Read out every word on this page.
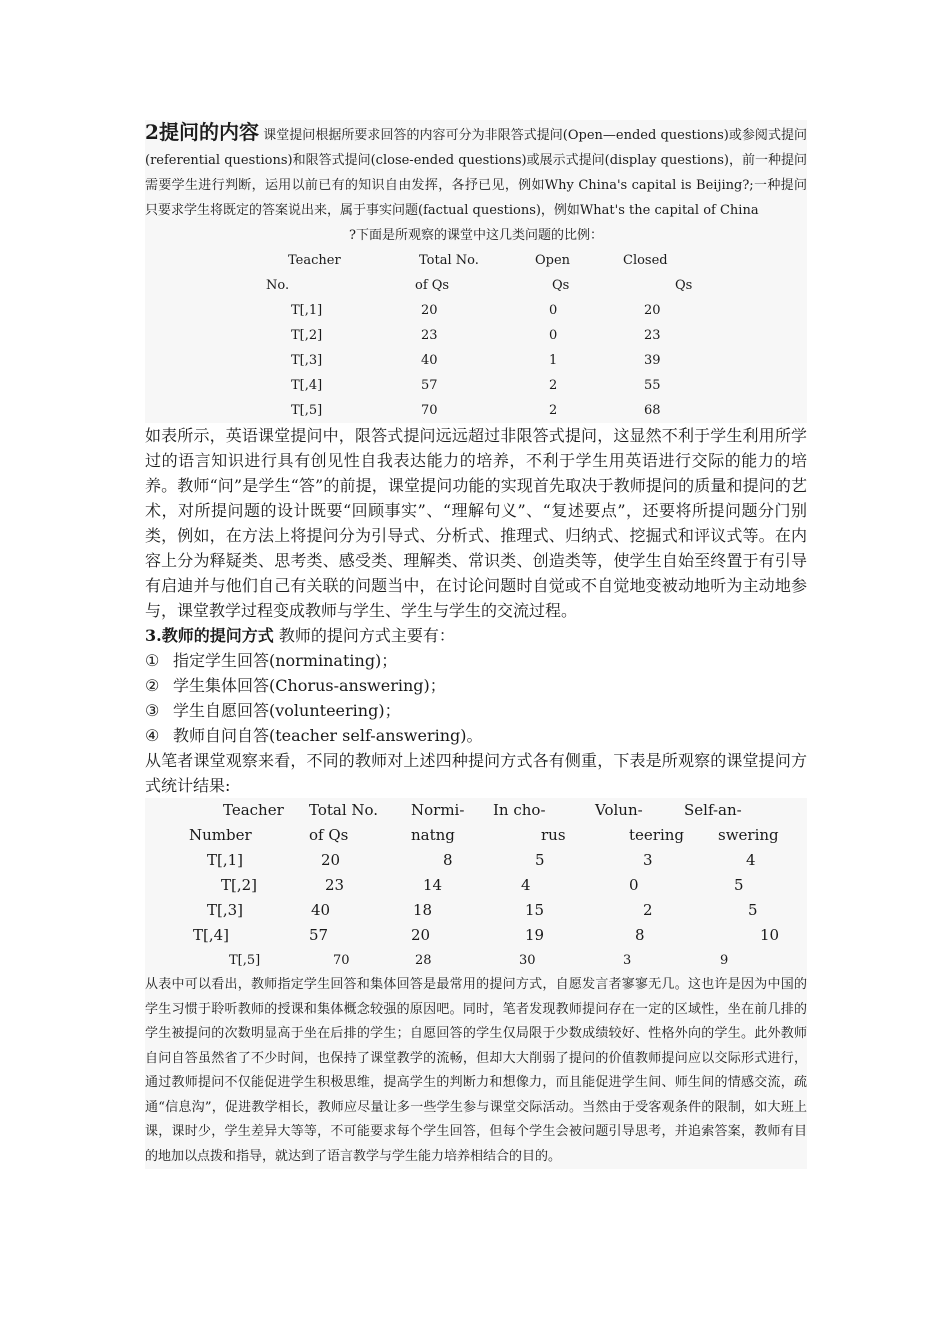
2提问的内容 课堂提问根据所要求回答的内容可分为非限答式提问(Open—ended questions)或参阅式提问(referential questions)和限答式提问(close-ended questions)或展示式提问(display questions)，前一种提问需要学生进行判断，运用以前已有的知识自由发挥，各抒已见，例如Why China's capital is Beijing?;一种提问只要求学生将既定的答案说出来，属于事实问题(factual questions)，例如What's the capital of China
?下面是所观察的课堂中这几类问题的比例：
Teacher	Total No.	Open	Closed
No.	of Qs	Qs	Qs
T[,1]	20	0	20
T[,2]	23	0	23
T[,3]	40	1	39
T[,4]	57	2	55
T[,5]	70	2	68

如表所示，英语课堂提问中，限答式提问远远超过非限答式提问，这显然不利于学生利用所学过的语言知识进行具有创见性自我表达能力的培养，不利于学生用英语进行交际的能力的培养。教师“问”是学生“答”的前提，课堂提问功能的实现首先取决于教师提问的质量和提问的艺术，对所提问题的设计既要“回顾事实”、“理解句义”、“复述要点”，还要将所提问题分门别类，例如，在方法上将提问分为引导式、分析式、推理式、归纳式、挖掘式和评议式等。在内容上分为释疑类、思考类、感受类、理解类、常识类、创造类等，使学生自始至终置于有引导有启迪并与他们自己有关联的问题当中，在讨论问题时自觉或不自觉地变被动地听为主动地参与，课堂教学过程变成教师与学生、学生与学生的交流过程。

3.教师的提问方式 教师的提问方式主要有：

① 指定学生回答(norminating)；
② 学生集体回答(Chorus-answering)；
③ 学生自愿回答(volunteering)；
④ 教师自问自答(teacher self-answering)。

从笔者课堂观察来看，不同的教师对上述四种提问方式各有侧重，下表是所观察的课堂提问方式统计结果:

Teacher	Total No.	Normi-	In cho-	Volun-	Self-an-
Number	of Qs	natng	rus	teering	swering
T[,1]	20	8	5	3	4
T[,2]	23	14	4	0	5
T[,3]	40	18	15	2	5
T[,4]	57	20	19	8	10
T[,5]	70	28	30	3	9

从表中可以看出，教师指定学生回答和集体回答是最常用的提问方式，自愿发言者寥寥无几。这也许是因为中国的学生习惯于聆听教师的授课和集体概念较强的原因吧。同时，笔者发现教师提问存在一定的区域性，坐在前几排的学生被提问的次数明显高于坐在后排的学生；自愿回答的学生仅局限于少数成绩较好、性格外向的学生。此外教师自问自答虽然省了不少时间，也保持了课堂教学的流畅，但却大大削弱了提问的价值教师提问应以交际形式进行，通过教师提问不仅能促进学生积极思维，提高学生的判断力和想像力，而且能促进学生间、师生间的情感交流，疏通“信息沟”，促进教学相长，教师应尽量让多一些学生参与课堂交际活动。当然由于受客观条件的限制，如大班上课，课时少，学生差异大等等，不可能要求每个学生回答，但每个学生会被问题引导思考，并追索答案，教师有目的地加以点拨和指导，就达到了语言教学与学生能力培养相结合的目的。
